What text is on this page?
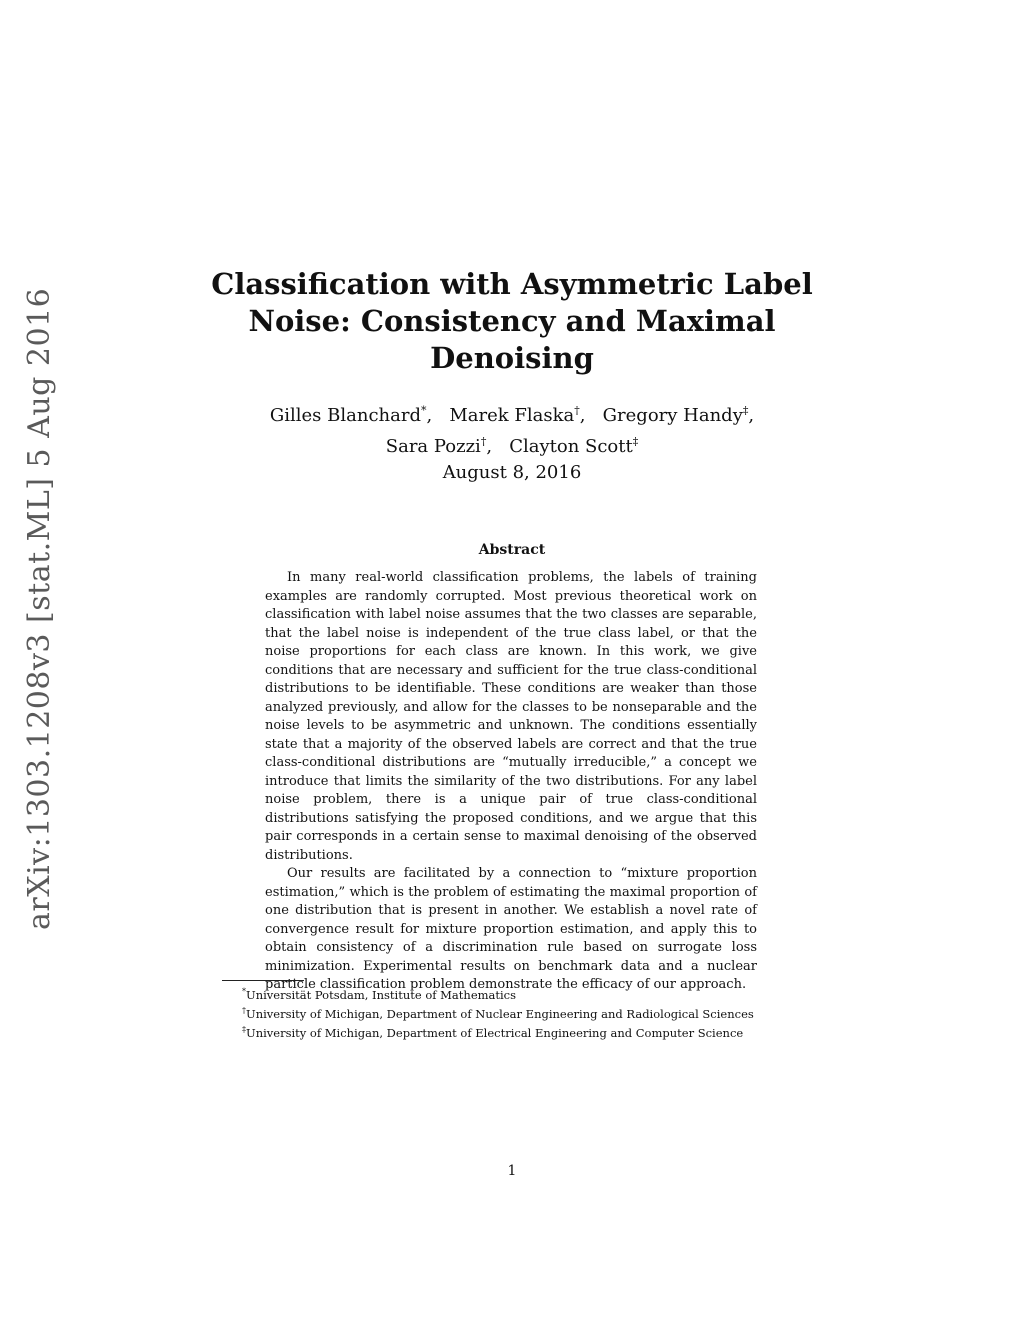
arXiv:1303.1208v3 [stat.ML] 5 Aug 2016
Classification with Asymmetric Label
Noise: Consistency and Maximal
Denoising
Gilles Blanchard*,   Marek Flaska†,   Gregory Handy‡,
Sara Pozzi†,   Clayton Scott‡
August 8, 2016
Abstract

In many real-world classification problems, the labels of training examples are randomly corrupted. Most previous theoretical work on classification with label noise assumes that the two classes are separable, that the label noise is independent of the true class label, or that the noise proportions for each class are known. In this work, we give conditions that are necessary and sufficient for the true class-conditional distributions to be identifiable. These conditions are weaker than those analyzed previously, and allow for the classes to be nonseparable and the noise levels to be asymmetric and unknown. The conditions essentially state that a majority of the observed labels are correct and that the true class-conditional distributions are “mutually irreducible,” a concept we introduce that limits the similarity of the two distributions. For any label noise problem, there is a unique pair of true class-conditional distributions satisfying the proposed conditions, and we argue that this pair corresponds in a certain sense to maximal denoising of the observed distributions.

Our results are facilitated by a connection to “mixture proportion estimation,” which is the problem of estimating the maximal proportion of one distribution that is present in another. We establish a novel rate of convergence result for mixture proportion estimation, and apply this to obtain consistency of a discrimination rule based on surrogate loss minimization. Experimental results on benchmark data and a nuclear particle classification problem demonstrate the efficacy of our approach.

*Universität Potsdam, Institute of Mathematics
†University of Michigan, Department of Nuclear Engineering and Radiological Sciences
‡University of Michigan, Department of Electrical Engineering and Computer Science
1
